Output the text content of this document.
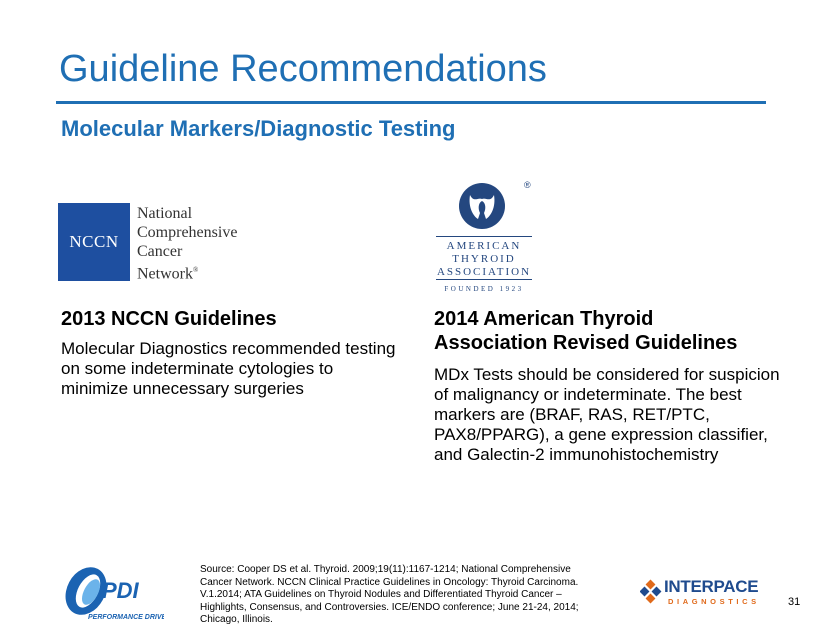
Guideline Recommendations
Molecular Markers/Diagnostic Testing
NCCN
National
Comprehensive
Cancer
Network®
®
AMERICAN
THYROID
ASSOCIATION
FOUNDED 1923
2013 NCCN Guidelines
Molecular Diagnostics recommended testing on some indeterminate cytologies to minimize unnecessary surgeries
2014 American Thyroid
Association Revised Guidelines
MDx Tests should be considered for suspicion of malignancy or indeterminate. The best markers are (BRAF, RAS, RET/PTC, PAX8/PPARG), a gene expression classifier, and Galectin-2 immunohistochemistry
Source: Cooper DS et al. Thyroid. 2009;19(11):1167-1214; National Comprehensive Cancer Network. NCCN Clinical Practice Guidelines in Oncology: Thyroid Carcinoma. V.1.2014; ATA Guidelines on Thyroid Nodules and Differentiated Thyroid Cancer – Highlights, Consensus, and Controversies. ICE/ENDO conference; June 21-24, 2014; Chicago, Illinois.
PDI
PERFORMANCE DRIVEN
INTERPACE
DIAGNOSTICS	31
